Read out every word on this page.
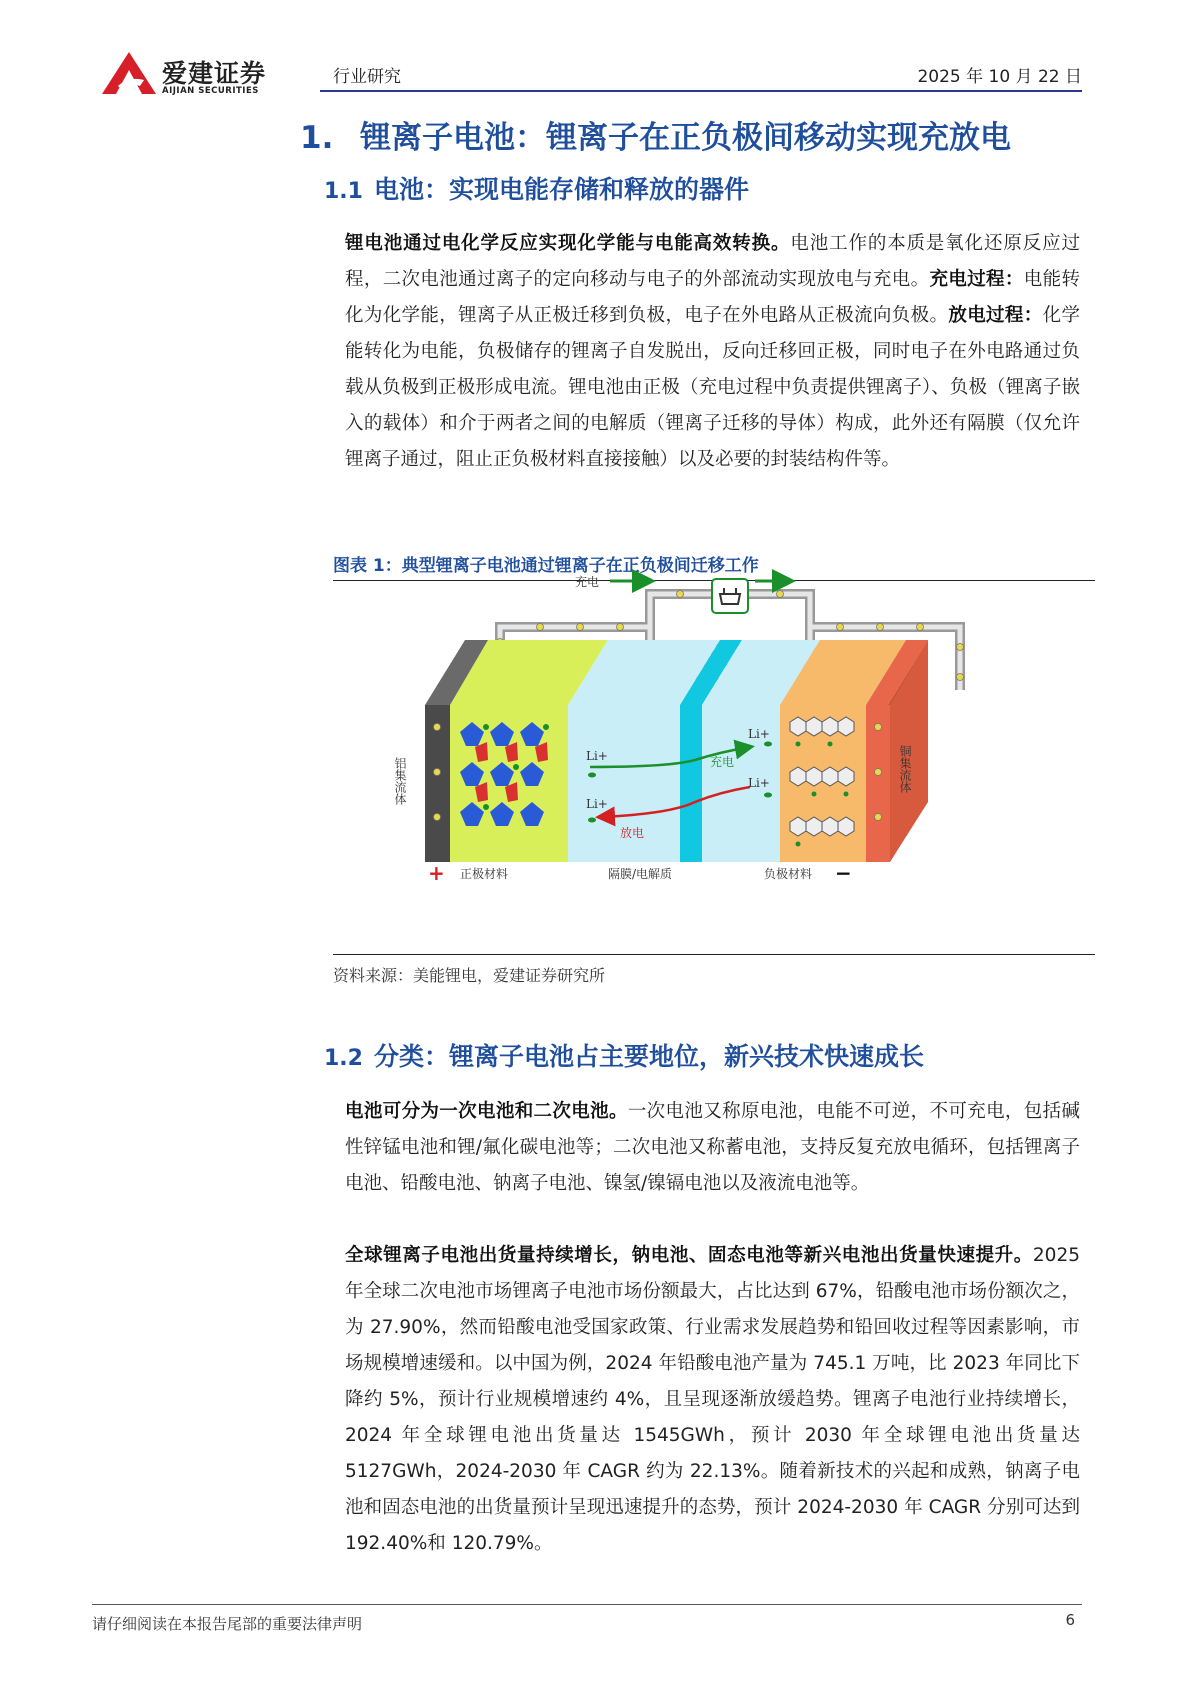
爱建证券
AIJIAN SECURITIES
行业研究	2025 年 10 月 22 日
1. 锂离子电池：锂离子在正负极间移动实现充放电
1.1 电池：实现电能存储和释放的器件
锂电池通过电化学反应实现化学能与电能高效转换。电池工作的本质是氧化还原反应过程，二次电池通过离子的定向移动与电子的外部流动实现放电与充电。充电过程：电能转化为化学能，锂离子从正极迁移到负极，电子在外电路从正极流向负极。放电过程：化学能转化为电能，负极储存的锂离子自发脱出，反向迁移回正极，同时电子在外电路通过负载从负极到正极形成电流。锂电池由正极（充电过程中负责提供锂离子）、负极（锂离子嵌入的载体）和介于两者之间的电解质（锂离子迁移的导体）构成，此外还有隔膜（仅允许锂离子通过，阻止正负极材料直接接触）以及必要的封装结构件等。
图表 1：典型锂离子电池通过锂离子在正负极间迁移工作
充电
Li+
Li+
Li+
Li+
充电
放电
铝集流体	铜集流体
+ 正极材料	隔膜/电解质	负极材料 −
资料来源：美能锂电，爱建证券研究所
1.2 分类：锂离子电池占主要地位，新兴技术快速成长
电池可分为一次电池和二次电池。一次电池又称原电池，电能不可逆，不可充电，包括碱性锌锰电池和锂/氟化碳电池等；二次电池又称蓄电池，支持反复充放电循环，包括锂离子电池、铅酸电池、钠离子电池、镍氢/镍镉电池以及液流电池等。
全球锂离子电池出货量持续增长，钠电池、固态电池等新兴电池出货量快速提升。2025 年全球二次电池市场锂离子电池市场份额最大，占比达到 67%，铅酸电池市场份额次之，为 27.90%，然而铅酸电池受国家政策、行业需求发展趋势和铅回收过程等因素影响，市场规模增速缓和。以中国为例，2024 年铅酸电池产量为 745.1 万吨，比 2023 年同比下降约 5%，预计行业规模增速约 4%，且呈现逐渐放缓趋势。锂离子电池行业持续增长，2024 年全球锂电池出货量达 1545GWh，预计 2030 年全球锂电池出货量达 5127GWh，2024-2030 年 CAGR 约为 22.13%。随着新技术的兴起和成熟，钠离子电池和固态电池的出货量预计呈现迅速提升的态势，预计 2024-2030 年 CAGR 分别可达到 192.40%和 120.79%。
请仔细阅读在本报告尾部的重要法律声明	6
